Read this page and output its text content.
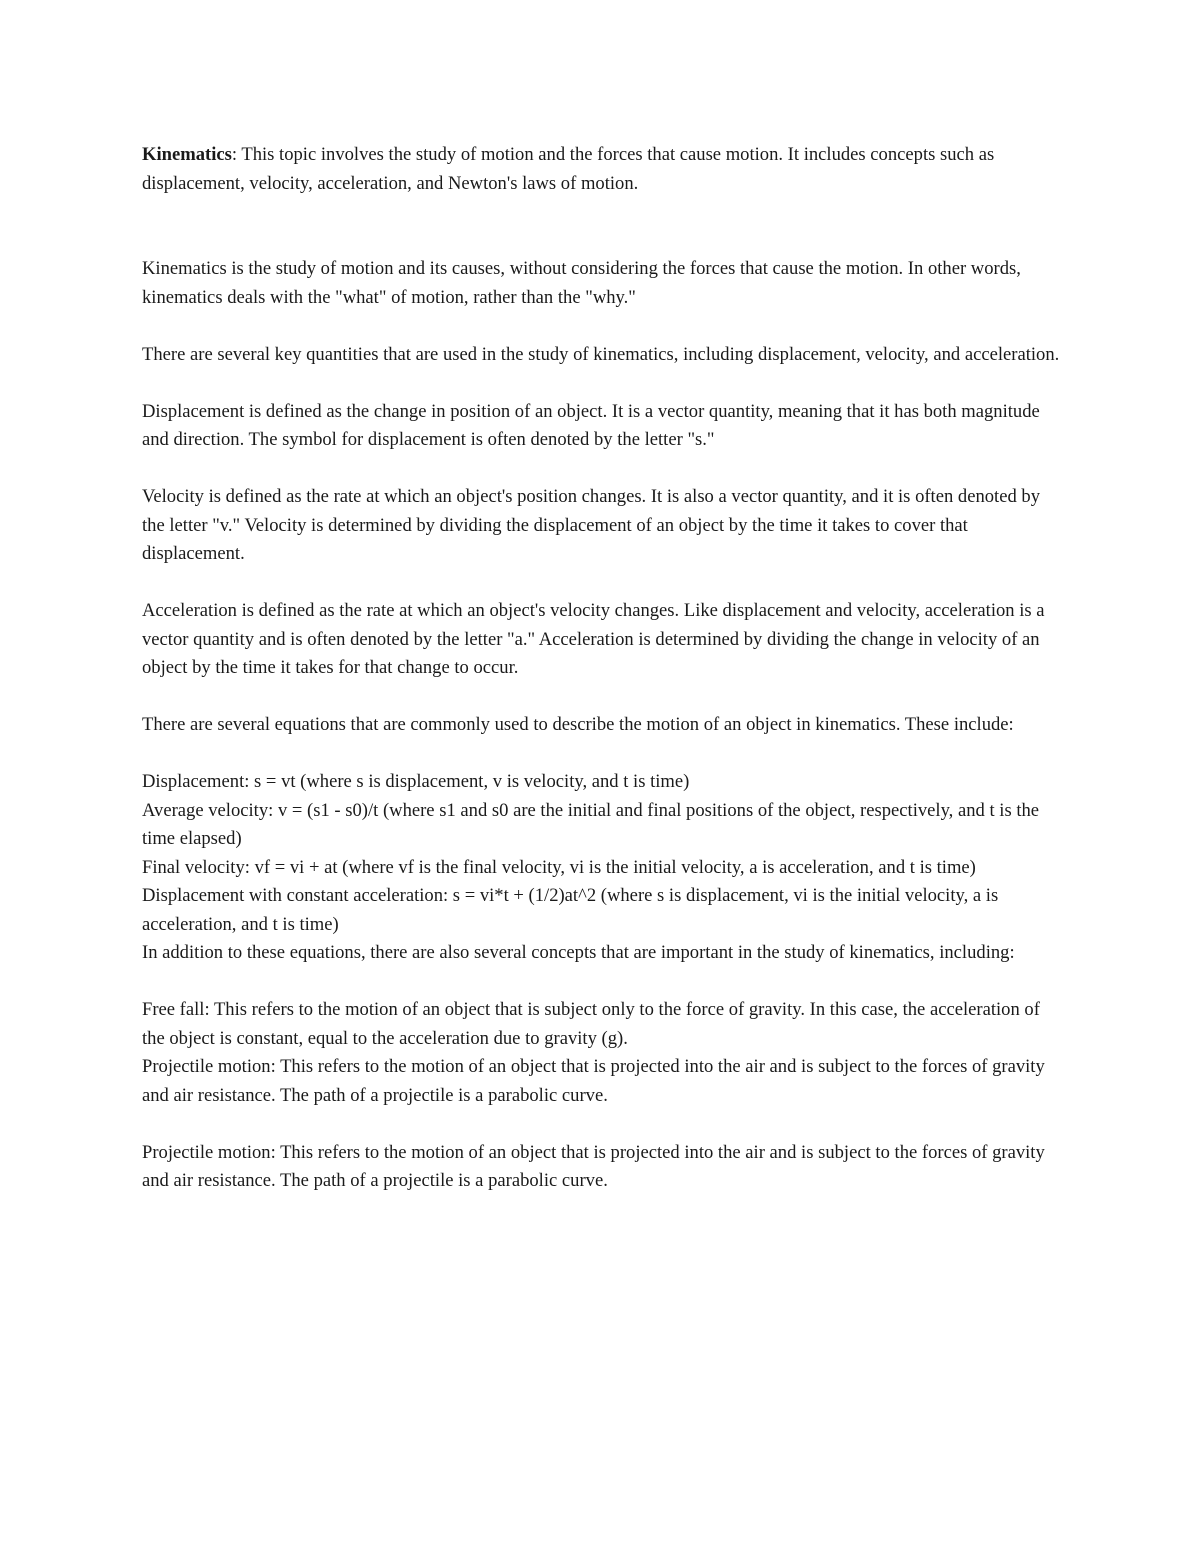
Kinematics: This topic involves the study of motion and the forces that cause motion. It includes concepts such as displacement, velocity, acceleration, and Newton's laws of motion.

Kinematics is the study of motion and its causes, without considering the forces that cause the motion. In other words, kinematics deals with the "what" of motion, rather than the "why."

There are several key quantities that are used in the study of kinematics, including displacement, velocity, and acceleration.

Displacement is defined as the change in position of an object. It is a vector quantity, meaning that it has both magnitude and direction. The symbol for displacement is often denoted by the letter "s."

Velocity is defined as the rate at which an object's position changes. It is also a vector quantity, and it is often denoted by the letter "v." Velocity is determined by dividing the displacement of an object by the time it takes to cover that displacement.

Acceleration is defined as the rate at which an object's velocity changes. Like displacement and velocity, acceleration is a vector quantity and is often denoted by the letter "a." Acceleration is determined by dividing the change in velocity of an object by the time it takes for that change to occur.

There are several equations that are commonly used to describe the motion of an object in kinematics. These include:

Displacement: s = vt (where s is displacement, v is velocity, and t is time)

Average velocity: v = (s1 - s0)/t (where s1 and s0 are the initial and final positions of the object, respectively, and t is the time elapsed)

Final velocity: vf = vi + at (where vf is the final velocity, vi is the initial velocity, a is acceleration, and t is time)

Displacement with constant acceleration: s = vi*t + (1/2)at^2 (where s is displacement, vi is the initial velocity, a is acceleration, and t is time)

In addition to these equations, there are also several concepts that are important in the study of kinematics, including:

Free fall: This refers to the motion of an object that is subject only to the force of gravity. In this case, the acceleration of the object is constant, equal to the acceleration due to gravity (g).

Projectile motion: This refers to the motion of an object that is projected into the air and is subject to the forces of gravity and air resistance. The path of a projectile is a parabolic curve.

Projectile motion: This refers to the motion of an object that is projected into the air and is subject to the forces of gravity and air resistance. The path of a projectile is a parabolic curve.
